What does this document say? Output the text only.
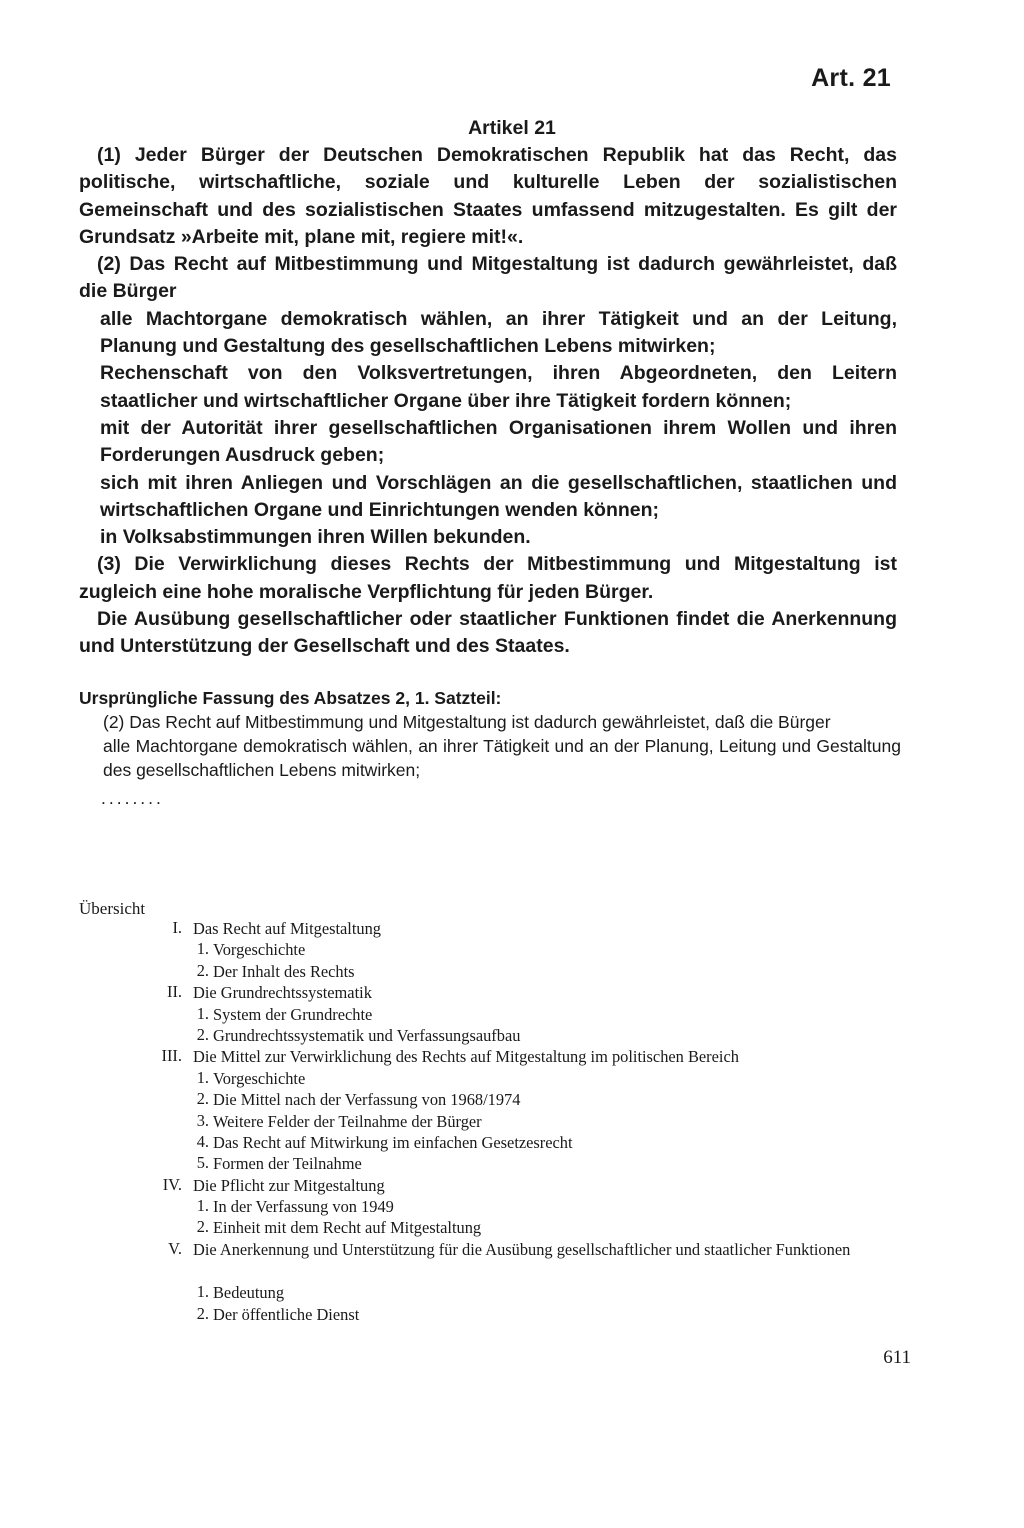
Art. 21
Artikel 21

(1) Jeder Bürger der Deutschen Demokratischen Republik hat das Recht, das politische, wirtschaftliche, soziale und kulturelle Leben der sozialistischen Gemeinschaft und des sozialistischen Staates umfassend mitzugestalten. Es gilt der Grundsatz »Arbeite mit, plane mit, regiere mit!«.

(2) Das Recht auf Mitbestimmung und Mitgestaltung ist dadurch gewährleistet, daß die Bürger

alle Machtorgane demokratisch wählen, an ihrer Tätigkeit und an der Leitung, Planung und Gestaltung des gesellschaftlichen Lebens mitwirken;

Rechenschaft von den Volksvertretungen, ihren Abgeordneten, den Leitern staatlicher und wirtschaftlicher Organe über ihre Tätigkeit fordern können;

mit der Autorität ihrer gesellschaftlichen Organisationen ihrem Wollen und ihren Forderungen Ausdruck geben;

sich mit ihren Anliegen und Vorschlägen an die gesellschaftlichen, staatlichen und wirtschaftlichen Organe und Einrichtungen wenden können;

in Volksabstimmungen ihren Willen bekunden.

(3) Die Verwirklichung dieses Rechts der Mitbestimmung und Mitgestaltung ist zugleich eine hohe moralische Verpflichtung für jeden Bürger.

Die Ausübung gesellschaftlicher oder staatlicher Funktionen findet die Anerkennung und Unterstützung der Gesellschaft und des Staates.

Ursprüngliche Fassung des Absatzes 2, 1. Satzteil:

(2) Das Recht auf Mitbestimmung und Mitgestaltung ist dadurch gewährleistet, daß die Bürger

alle Machtorgane demokratisch wählen, an ihrer Tätigkeit und an der Planung, Leitung und Gestaltung des gesellschaftlichen Lebens mitwirken;

........

Übersicht
I. Das Recht auf Mitgestaltung
1. Vorgeschichte
2. Der Inhalt des Rechts
II. Die Grundrechtssystematik
1. System der Grundrechte
2. Grundrechtssystematik und Verfassungsaufbau
III. Die Mittel zur Verwirklichung des Rechts auf Mitgestaltung im politischen Bereich
1. Vorgeschichte
2. Die Mittel nach der Verfassung von 1968/1974
3. Weitere Felder der Teilnahme der Bürger
4. Das Recht auf Mitwirkung im einfachen Gesetzesrecht
5. Formen der Teilnahme
IV. Die Pflicht zur Mitgestaltung
1. In der Verfassung von 1949
2. Einheit mit dem Recht auf Mitgestaltung
V. Die Anerkennung und Unterstützung für die Ausübung gesellschaftlicher und staatlicher Funktionen
1. Bedeutung
2. Der öffentliche Dienst
611
